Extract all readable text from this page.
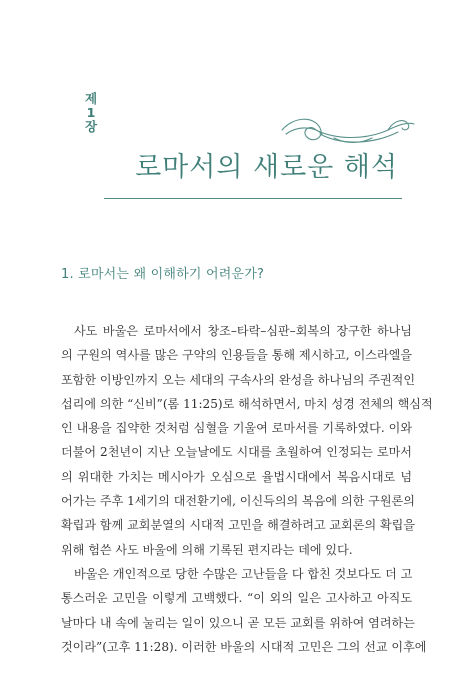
제
1
장
로마서의 새로운 해석
1. 로마서는 왜 이해하기 어려운가?
사도 바울은 로마서에서 창조–타락–심판–회복의 장구한 하나님
의 구원의 역사를 많은 구약의 인용들을 통해 제시하고, 이스라엘을
포함한 이방인까지 오는 세대의 구속사의 완성을 하나님의 주권적인
섭리에 의한 “신비”(롬 11:25)로 해석하면서, 마치 성경 전체의 핵심적
인 내용을 집약한 것처럼 심혈을 기울여 로마서를 기록하였다. 이와
더불어 2천년이 지난 오늘날에도 시대를 초월하여 인정되는 로마서
의 위대한 가치는 메시아가 오심으로 율법시대에서 복음시대로 넘
어가는 주후 1세기의 대전환기에, 이신득의의 복음에 의한 구원론의
확립과 함께 교회분열의 시대적 고민을 해결하려고 교회론의 확립을
위해 험쓴 사도 바울에 의해 기록된 편지라는 데에 있다.
바울은 개인적으로 당한 수많은 고난들을 다 합친 것보다도 더 고
통스러운 고민을 이렇게 고백했다. “이 외의 일은 고사하고 아직도
날마다 내 속에 눌리는 일이 있으니 곧 모든 교회를 위하여 염려하는
것이라”(고후 11:28). 이러한 바울의 시대적 고민은 그의 선교 이후에
